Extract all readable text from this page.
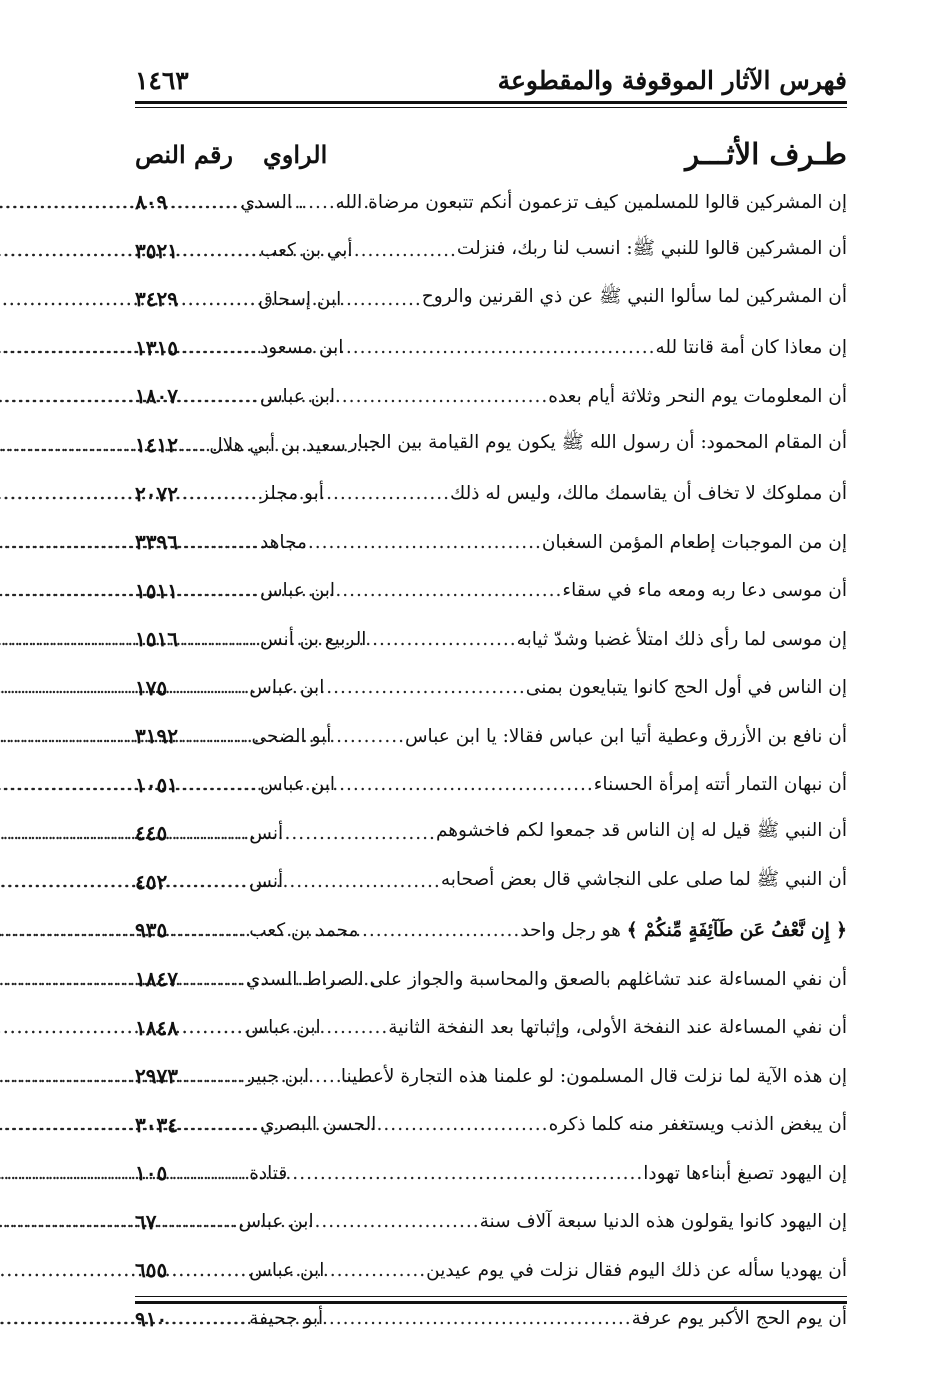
فهرس الآثار الموقوفة والمقطوعة
١٤٦٣
طـرف الأثـــر
الراوي
رقم النص
إن المشركين قالوا للمسلمين كيف تزعمون أنكم تتبعون مرضاة الله
.....
. السدي
.....
٨٠٩
أن المشركين قالوا للنبي ﷺ: انسب لنا ربك، فنزلت
.....
أبي بن كعب
.....
٣٥٢١
أن المشركين لما سألوا النبي ﷺ عن ذي القرنين والروح
.....
ابن إسحاق
.....
٣٤٢٩
إن معاذا كان أمة قانتا لله
.....
ابن مسعود
.....
١٣١٥
أن المعلومات يوم النحر وثلاثة أيام بعده
.....
ابن عباس
.....
١٨٠٧
أن المقام المحمود: أن رسول الله ﷺ يكون يوم القيامة بين الجبار
.....
سعيد بن أبي هلال
.....
١٤١٢
أن مملوكك لا تخاف أن يقاسمك مالك، وليس له ذلك
.....
أبو مجلز
.....
٢٠٧٢
إن من الموجبات إطعام المؤمن السغبان
.....
مجاهد
.....
٣٣٩٦
أن موسى دعا ربه ومعه ماء في سقاء
.....
ابن عباس
.....
١٥١١
إن موسى لما رأى ذلك امتلأ غضبا وشدّ ثيابه
.....
الربيع بن أنس
.....
١٥١٦
إن الناس في أول الحج كانوا يتبايعون بمنى
.....
ابن عباس
.....
١٧٥
أن نافع بن الأزرق وعطية أتيا ابن عباس فقالا: يا ابن عباس
.....
أبو الضحى
.....
٣١٩٢
أن نبهان التمار أتته إمرأة الحسناء
.....
ابن عباس
.....
١٠٥١
أن النبي ﷺ قيل له إن الناس قد جمعوا لكم فاخشوهم
.....
أنس
.....
٤٤٥
أن النبي ﷺ لما صلى على النجاشي قال بعض أصحابه
.....
أنس
.....
٤٥٢
﴿ إِن نَّعْفُ عَن طَآئِفَةٍ مِّنكُمْ ﴾ هو رجل واحد
.....
محمد بن كعب
.....
٩٣٥
أن نفي المساءلة عند تشاغلهم بالصعق والمحاسبة والجواز على الصراط
.....
..السدي
.....
١٨٤٧
أن نفي المساءلة عند النفخة الأولى، وإثباتها بعد النفخة الثانية
.....
ابن عباس
.....
١٨٤٨
إن هذه الآية لما نزلت قال المسلمون: لو علمنا هذه التجارة لأعطينا
.....
ابن جبير
.....
٢٩٧٣
أن يبغض الذنب ويستغفر منه كلما ذكره
.....
الحسن البصري
.....
٣٠٣٤
إن اليهود تصبغ أبناءها تهودا
.....
قتادة
.....
١٠٥
إن اليهود كانوا يقولون هذه الدنيا سبعة آلاف سنة
.....
ابن عباس
.....
٦٧
أن يهوديا سأله عن ذلك اليوم فقال نزلت في يوم عيدين
.....
ابن عباس
.....
٦٥٥
أن يوم الحج الأكبر يوم عرفة
.....
أبو جحيفة
.....
٩١٠
